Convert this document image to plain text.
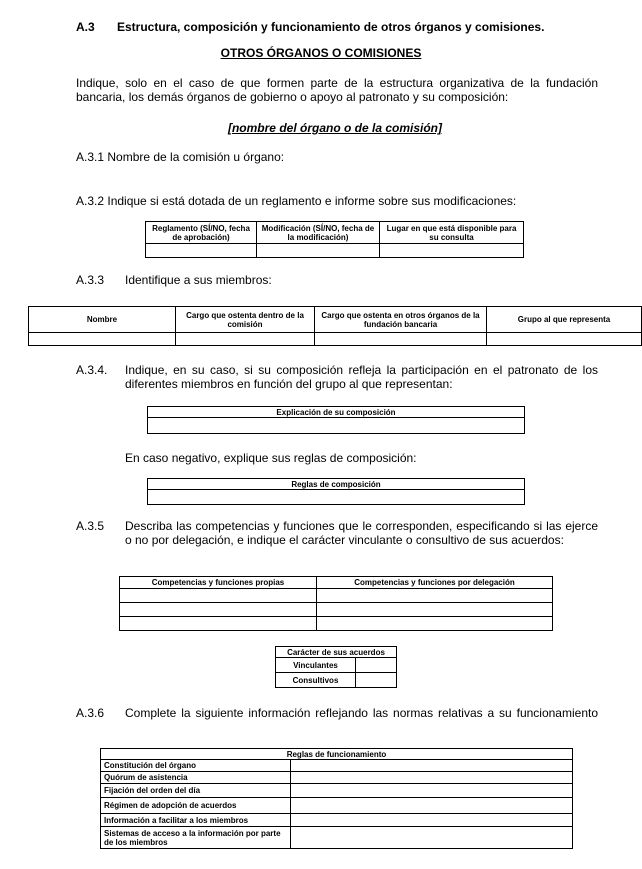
A.3 Estructura, composición y funcionamiento de otros órganos y comisiones.
OTROS ÓRGANOS O COMISIONES
Indique, solo en el caso de que formen parte de la estructura organizativa de la fundación bancaria, los demás órganos de gobierno o apoyo al patronato y su composición:
[nombre del órgano o de la comisión]
A.3.1 Nombre de la comisión u órgano:
A.3.2 Indique si está dotada de un reglamento e informe sobre sus modificaciones:
Reglamento (SÍ/NO, fecha de aprobación)	Modificación (SÍ/NO, fecha de la modificación)	Lugar en que está disponible para su consulta

A.3.3 Identifique a sus miembros:
Nombre	Cargo que ostenta dentro de la comisión	Cargo que ostenta en otros órganos de la fundación bancaria	Grupo al que representa

A.3.4. Indique, en su caso, si su composición refleja la participación en el patronato de los diferentes miembros en función del grupo al que representan:
Explicación de su composición

En caso negativo, explique sus reglas de composición:
Reglas de composición

A.3.5 Describa las competencias y funciones que le corresponden, especificando si las ejerce o no por delegación, e indique el carácter vinculante o consultivo de sus acuerdos:
Competencias y funciones propias	Competencias y funciones por delegación

Carácter de sus acuerdos	
Vinculantes	
Consultivos	
A.3.6 Complete la siguiente información reflejando las normas relativas a su funcionamiento
Reglas de funcionamiento	
Constitución del órgano	
Quórum de asistencia	
Fijación del orden del día	
Régimen de adopción de acuerdos	
Información a facilitar a los miembros	
Sistemas de acceso a la información por parte de los miembros	
